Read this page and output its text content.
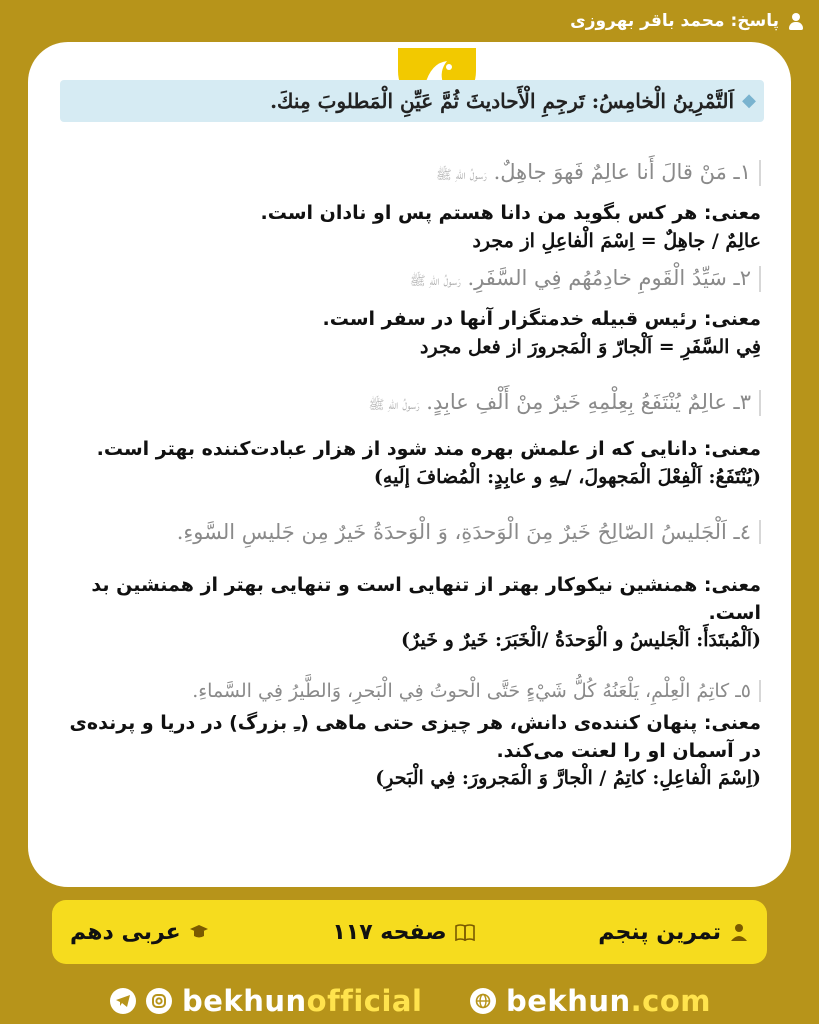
پاسخ: محمد باقر بهروزی
◆
اَلتَّمْرِينُ الْخامِسُ: تَرجِمِ الْأَحاديثَ ثُمَّ عَيِّنِ الْمَطلوبَ مِنكَ.
١ـ مَنْ قالَ أَنا عالِمٌ فَهوَ جاهِلٌ. رَسولُ اللهِ ﷺ
معنی: هر کس بگوید من دانا هستم پس او نادان است.
عالِمٌ / جاهِلٌ = اِسْمَ الْفاعِلِ از مجرد
٢ـ سَيِّدُ الْقَومِ خادِمُهُم فِي السَّفَرِ. رَسولُ اللهِ ﷺ
معنی: رئیس قبیله خدمتگزار آنها در سفر است.
فِي السَّفَرِ = اَلْجارّ وَ الْمَجرورَ از فعل مجرد
٣ـ عالِمٌ يُنْتَفَعُ بِعِلْمِهِ خَيرٌ مِنْ أَلْفِ عابِدٍ. رَسولُ اللهِ ﷺ
معنی: دانایی که از علمش بهره مند شود از هزار عبادت‌کننده بهتر است.
(يُنْتَفَعُ: اَلْفِعْلَ الْمَجهولَ، /ـِهِ و عابِدٍ: الْمُضافَ إلَيهِ)
٤ـ اَلْجَليسُ الصّالِحُ خَيرٌ مِنَ الْوَحدَةِ، وَ الْوَحدَةُ خَيرٌ مِن جَليسِ السَّوءِ.
معنی: همنشین نیکوکار بهتر از تنهایی است و تنهایی بهتر از همنشین بد است.
(اَلْمُبتَدَأَ: اَلْجَليسُ و الْوَحدَةُ /الْخَبَرَ: خَيرٌ و خَيرٌ)
٥ـ كاتِمُ الْعِلْمِ، يَلْعَنُهُ كُلُّ شَيْءٍ حَتَّى الْحوتُ فِي الْبَحرِ، وَالطَّيرُ فِي السَّماءِ.
معنی: پنهان کننده‌ی دانش، هر چیزی حتی ماهی (ـِ بزرگ) در دریا و پرنده‌ی در آسمان او را لعنت می‌کند.
(اِسْمَ الْفاعِلِ: كاتِمُ / الْجارَّ وَ الْمَجرورَ: فِي الْبَحرِ)
تمرین پنجم
صفحه ۱۱۷
عربی دهم
bekhunofficial	bekhun.com
